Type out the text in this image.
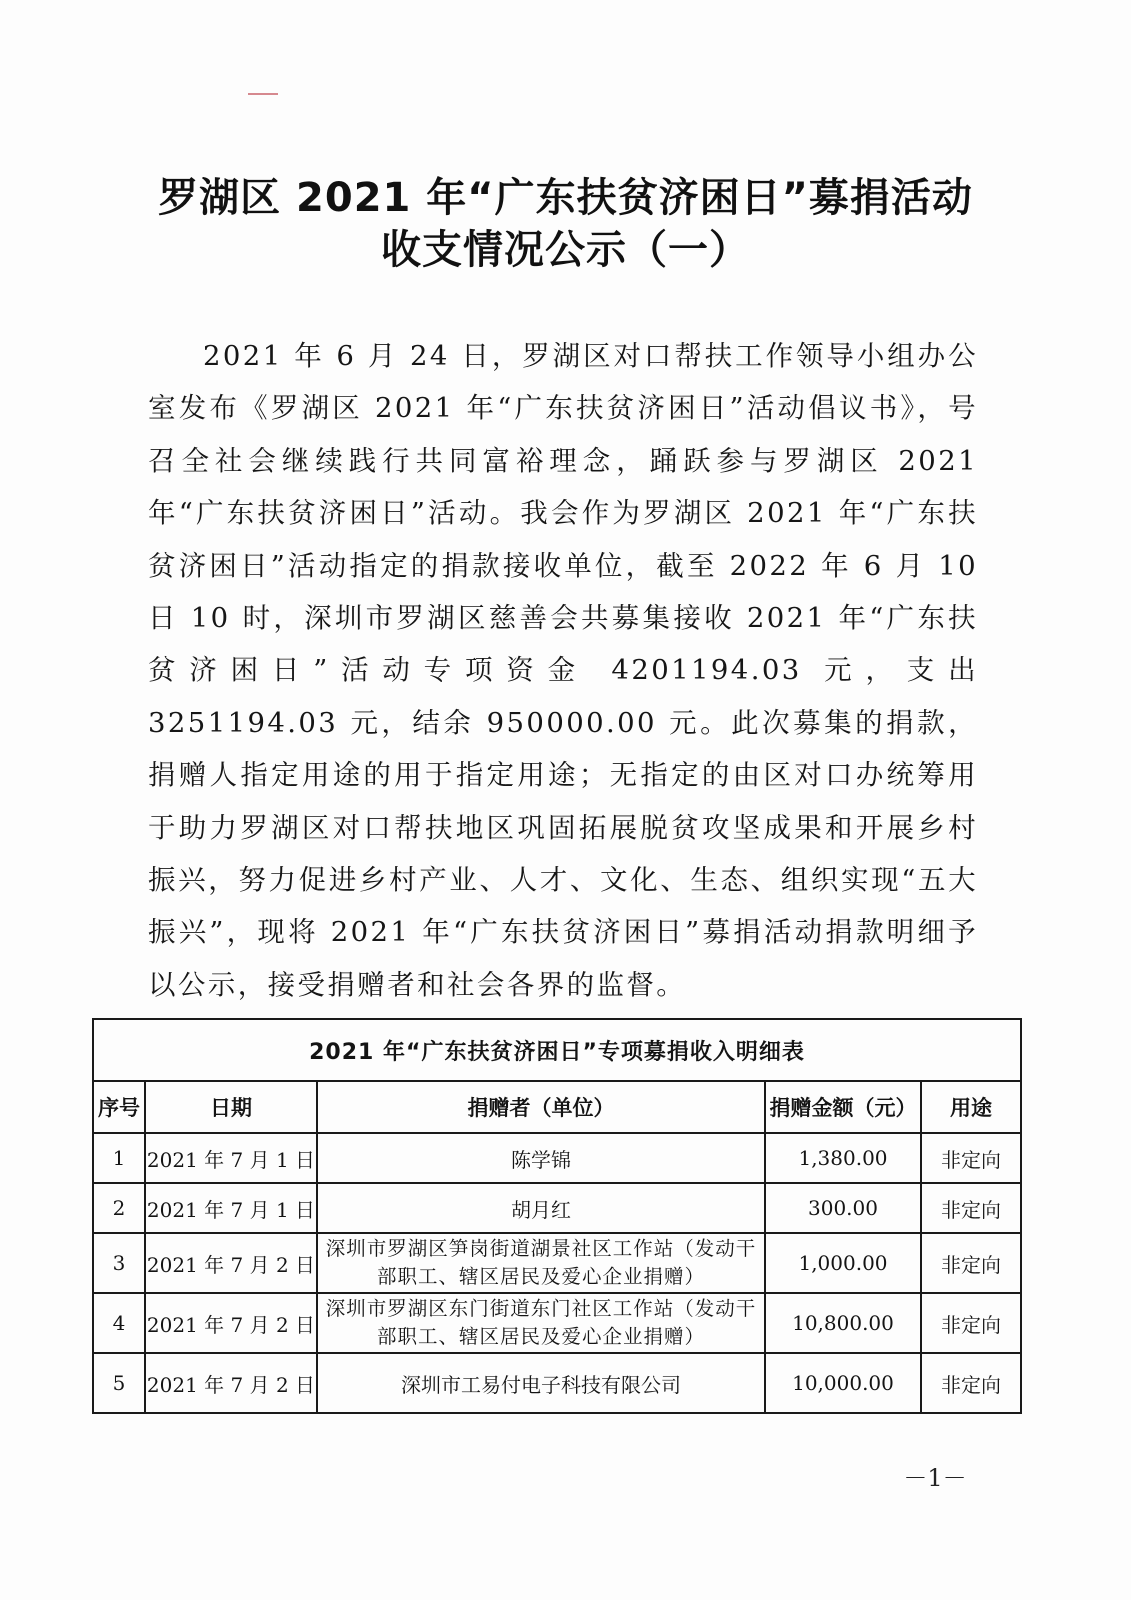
罗湖区 2021 年“广东扶贫济困日”募捐活动
收支情况公示（一）
2021 年 6 月 24 日，罗湖区对口帮扶工作领导小组办公室发布《罗湖区 2021 年“广东扶贫济困日”活动倡议书》，号召全社会继续践行共同富裕理念，踊跃参与罗湖区 2021 年“广东扶贫济困日”活动。我会作为罗湖区 2021 年“广东扶贫济困日”活动指定的捐款接收单位，截至 2022 年 6 月 10 日 10 时，深圳市罗湖区慈善会共募集接收 2021 年“广东扶贫济困日”活动专项资金 4201194.03 元，支出 3251194.03 元，结余 950000.00 元。此次募集的捐款，捐赠人指定用途的用于指定用途；无指定的由区对口办统筹用于助力罗湖区对口帮扶地区巩固拓展脱贫攻坚成果和开展乡村振兴，努力促进乡村产业、人才、文化、生态、组织实现“五大振兴”，现将 2021 年“广东扶贫济困日”募捐活动捐款明细予以公示，接受捐赠者和社会各界的监督。
2021 年“广东扶贫济困日”专项募捐收入明细表				
序号	日期	捐赠者（单位）	捐赠金额（元）	用途
1	2021 年 7 月 1 日	陈学锦	1,380.00	非定向
2	2021 年 7 月 1 日	胡月红	300.00	非定向
3	2021 年 7 月 2 日	深圳市罗湖区笋岗街道湖景社区工作站（发动干部职工、辖区居民及爱心企业捐赠）	1,000.00	非定向
4	2021 年 7 月 2 日	深圳市罗湖区东门街道东门社区工作站（发动干部职工、辖区居民及爱心企业捐赠）	10,800.00	非定向
5	2021 年 7 月 2 日	深圳市工易付电子科技有限公司	10,000.00	非定向
－1－
